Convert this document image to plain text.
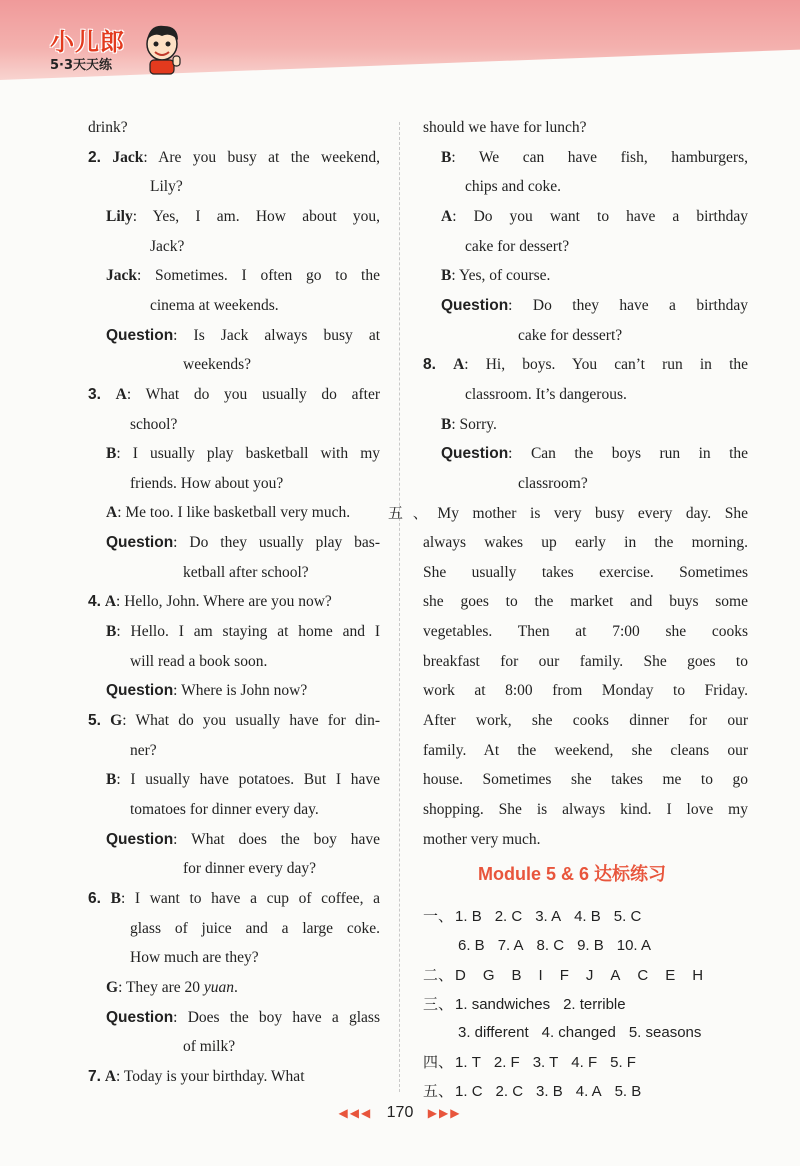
小儿郎
5·3天天练
drink?
2. Jack: Are you busy at the weekend,
Lily?
Lily: Yes, I am. How about you,
Jack?
Jack: Sometimes. I often go to the
cinema at weekends.
Question: Is Jack always busy at
weekends?
3. A: What do you usually do after
school?
B: I usually play basketball with my
friends. How about you?
A: Me too. I like basketball very much.
Question: Do they usually play bas-
ketball after school?
4. A: Hello, John. Where are you now?
B: Hello. I am staying at home and I
will read a book soon.
Question: Where is John now?
5. G: What do you usually have for din-
ner?
B: I usually have potatoes. But I have
tomatoes for dinner every day.
Question: What does the boy have
for dinner every day?
6. B: I want to have a cup of coffee, a
glass of juice and a large coke.
How much are they?
G: They are 20 yuan.
Question: Does the boy have a glass
of milk?
7. A: Today is your birthday. What
should we have for lunch?
B: We can have fish, hamburgers,
chips and coke.
A: Do you want to have a birthday
cake for dessert?
B: Yes, of course.
Question: Do they have a birthday
cake for dessert?
8. A: Hi, boys. You can’t run in the
classroom. It’s dangerous.
B: Sorry.
Question: Can the boys run in the
classroom?
五、My mother is very busy every day. She
always wakes up early in the morning.
She usually takes exercise. Sometimes
she goes to the market and buys some
vegetables. Then at 7:00 she cooks
breakfast for our family. She goes to
work at 8:00 from Monday to Friday.
After work, she cooks dinner for our
family. At the weekend, she cleans our
house. Sometimes she takes me to go
shopping. She is always kind. I love my
mother very much.
Module 5 & 6 达标练习
一、 1. B 2. C 3. A 4. B 5. C
6. B 7. A 8. C 9. B 10. A
二、 D G B I F J A C E H
三、 1. sandwiches 2. terrible
3. different 4. changed 5. seasons
四、 1. T 2. F 3. T 4. F 5. F
五、 1. C 2. C 3. B 4. A 5. B
◀◀◀ 170 ▶▶▶
